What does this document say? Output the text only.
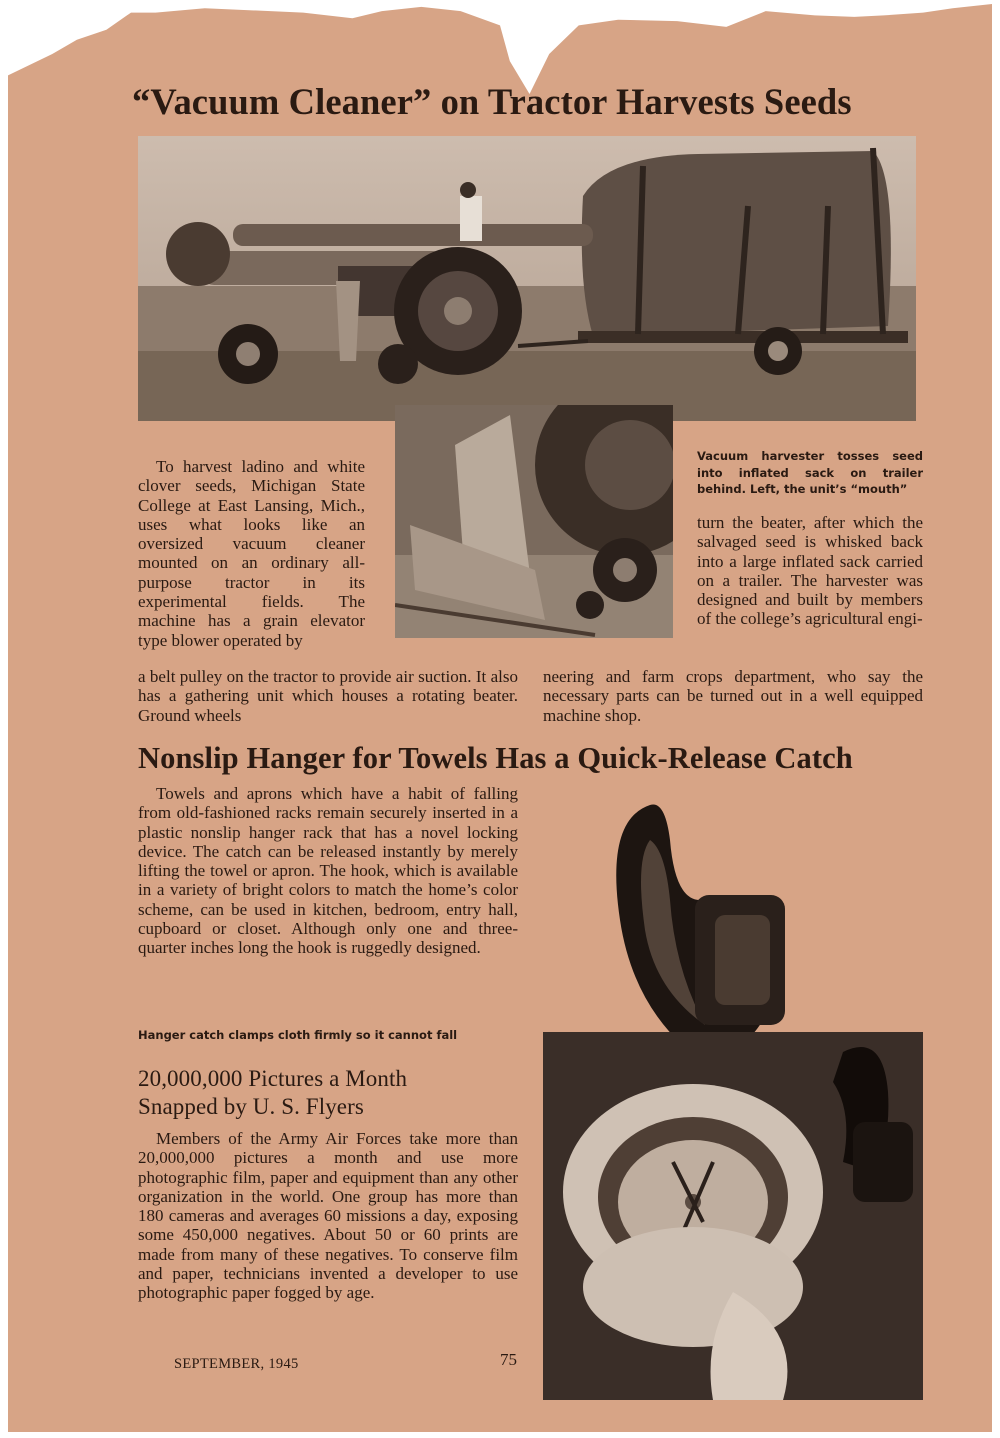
“Vacuum Cleaner” on Tractor Harvests Seeds
Vacuum harvester tosses seed into inflated sack on trailer behind. Left, the unit’s “mouth”

To harvest ladino and white clover seeds, Michigan State College at East Lansing, Mich., uses what looks like an oversized vacuum cleaner mounted on an ordinary all-purpose tractor in its experimental fields. The machine has a grain elevator type blower operated by

turn the beater, after which the salvaged seed is whisked back into a large inflated sack carried on a trailer. The harvester was designed and built by members of the college’s agricultural engi-

a belt pulley on the tractor to provide air suction. It also has a gathering unit which houses a rotating beater. Ground wheels

neering and farm crops department, who say the necessary parts can be turned out in a well equipped machine shop.

Nonslip Hanger for Towels Has a Quick-Release Catch

Towels and aprons which have a habit of falling from old-fashioned racks remain securely inserted in a plastic nonslip hanger rack that has a novel locking device. The catch can be released instantly by merely lifting the towel or apron. The hook, which is available in a variety of bright colors to match the home’s color scheme, can be used in kitchen, bedroom, entry hall, cupboard or closet. Although only one and three-quarter inches long the hook is ruggedly designed.

Hanger catch clamps cloth firmly so it cannot fall
20,000,000 Pictures a Month
Snapped by U. S. Flyers

Members of the Army Air Forces take more than 20,000,000 pictures a month and use more photographic film, paper and equipment than any other organization in the world. One group has more than 180 cameras and averages 60 missions a day, exposing some 450,000 negatives. About 50 or 60 prints are made from many of these negatives. To conserve film and paper, technicians invented a developer to use photographic paper fogged by age.

SEPTEMBER, 1945	75
